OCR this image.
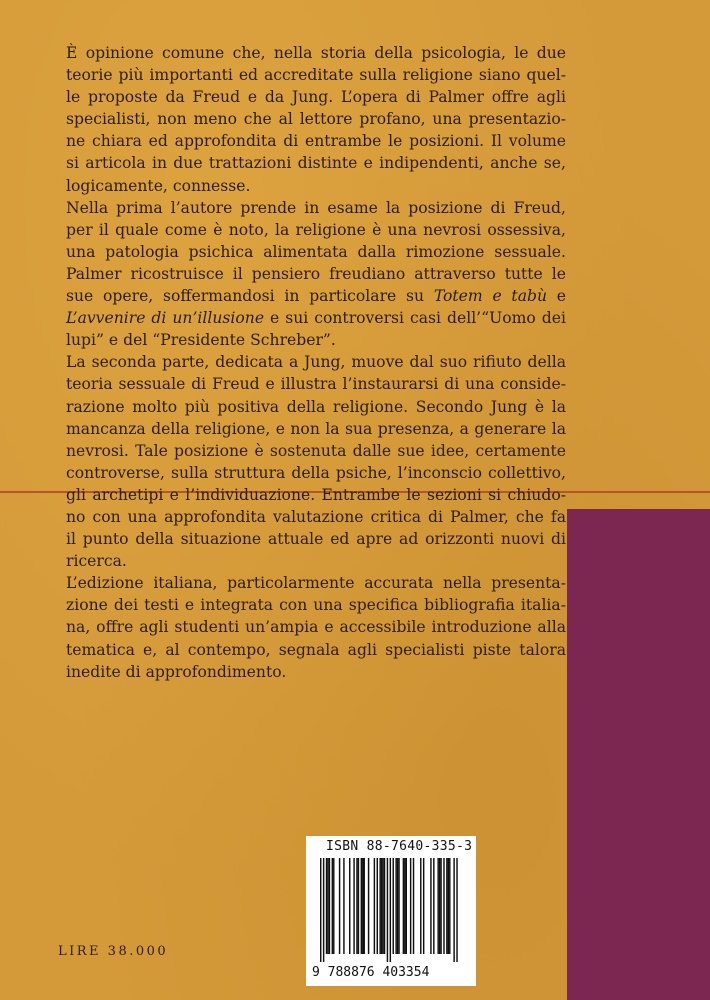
È opinione comune che, nella storia della psicologia, le due
teorie più importanti ed accreditate sulla religione siano quel-
le proposte da Freud e da Jung. L’opera di Palmer offre agli
specialisti, non meno che al lettore profano, una presentazio-
ne chiara ed approfondita di entrambe le posizioni. Il volume
si articola in due trattazioni distinte e indipendenti, anche se,
logicamente, connesse.
Nella prima l’autore prende in esame la posizione di Freud,
per il quale come è noto, la religione è una nevrosi ossessiva,
una patologia psichica alimentata dalla rimozione sessuale.
Palmer ricostruisce il pensiero freudiano attraverso tutte le
sue opere, soffermandosi in particolare su Totem e tabù e
L’avvenire di un’illusione e sui controversi casi dell’“Uomo dei
lupi” e del “Presidente Schreber”.
La seconda parte, dedicata a Jung, muove dal suo rifiuto della
teoria sessuale di Freud e illustra l’instaurarsi di una conside-
razione molto più positiva della religione. Secondo Jung è la
mancanza della religione, e non la sua presenza, a generare la
nevrosi. Tale posizione è sostenuta dalle sue idee, certamente
controverse, sulla struttura della psiche, l’inconscio collettivo,
gli archetipi e l’individuazione. Entrambe le sezioni si chiudo-
no con una approfondita valutazione critica di Palmer, che fa
il punto della situazione attuale ed apre ad orizzonti nuovi di
ricerca.
L’edizione italiana, particolarmente accurata nella presenta-
zione dei testi e integrata con una specifica bibliografia italia-
na, offre agli studenti un’ampia e accessibile introduzione alla
tematica e, al contempo, segnala agli specialisti piste talora
inedite di approfondimento.
LIRE 38.000
ISBN 88-7640-335-3
9 788876 403354
